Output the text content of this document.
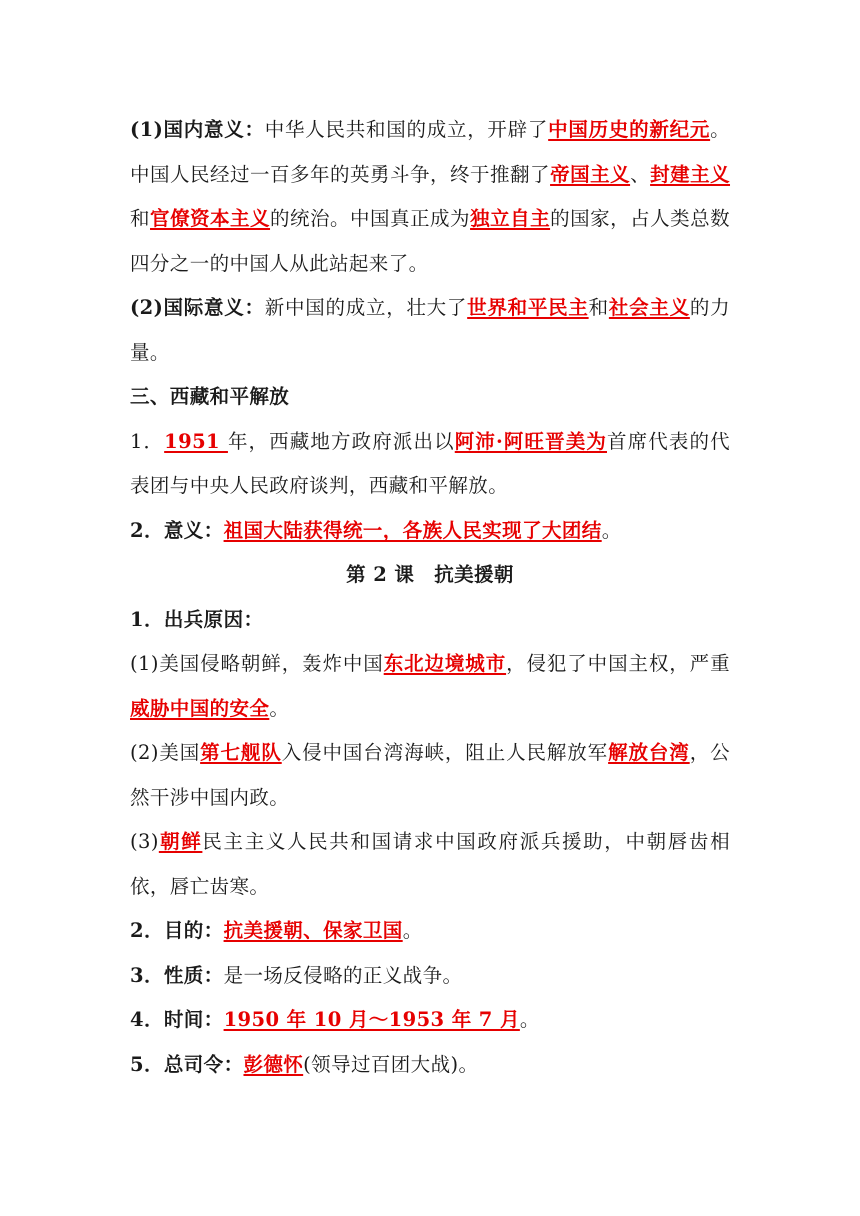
(1)国内意义：中华人民共和国的成立，开辟了中国历史的新纪元。中国人民经过一百多年的英勇斗争，终于推翻了帝国主义、封建主义和官僚资本主义的统治。中国真正成为独立自主的国家，占人类总数四分之一的中国人从此站起来了。

(2)国际意义：新中国的成立，壮大了世界和平民主和社会主义的力量。

三、西藏和平解放

1．1951 年，西藏地方政府派出以阿沛·阿旺晋美为首席代表的代表团与中央人民政府谈判，西藏和平解放。

2．意义：祖国大陆获得统一，各族人民实现了大团结。

第 2 课　抗美援朝

1．出兵原因：

(1)美国侵略朝鲜，轰炸中国东北边境城市，侵犯了中国主权，严重威胁中国的安全。

(2)美国第七舰队入侵中国台湾海峡，阻止人民解放军解放台湾，公然干涉中国内政。

(3)朝鲜民主主义人民共和国请求中国政府派兵援助，中朝唇齿相依，唇亡齿寒。

2．目的：抗美援朝、保家卫国。

3．性质：是一场反侵略的正义战争。

4．时间：1950 年 10 月～1953 年 7 月。

5．总司令：彭德怀(领导过百团大战)。
